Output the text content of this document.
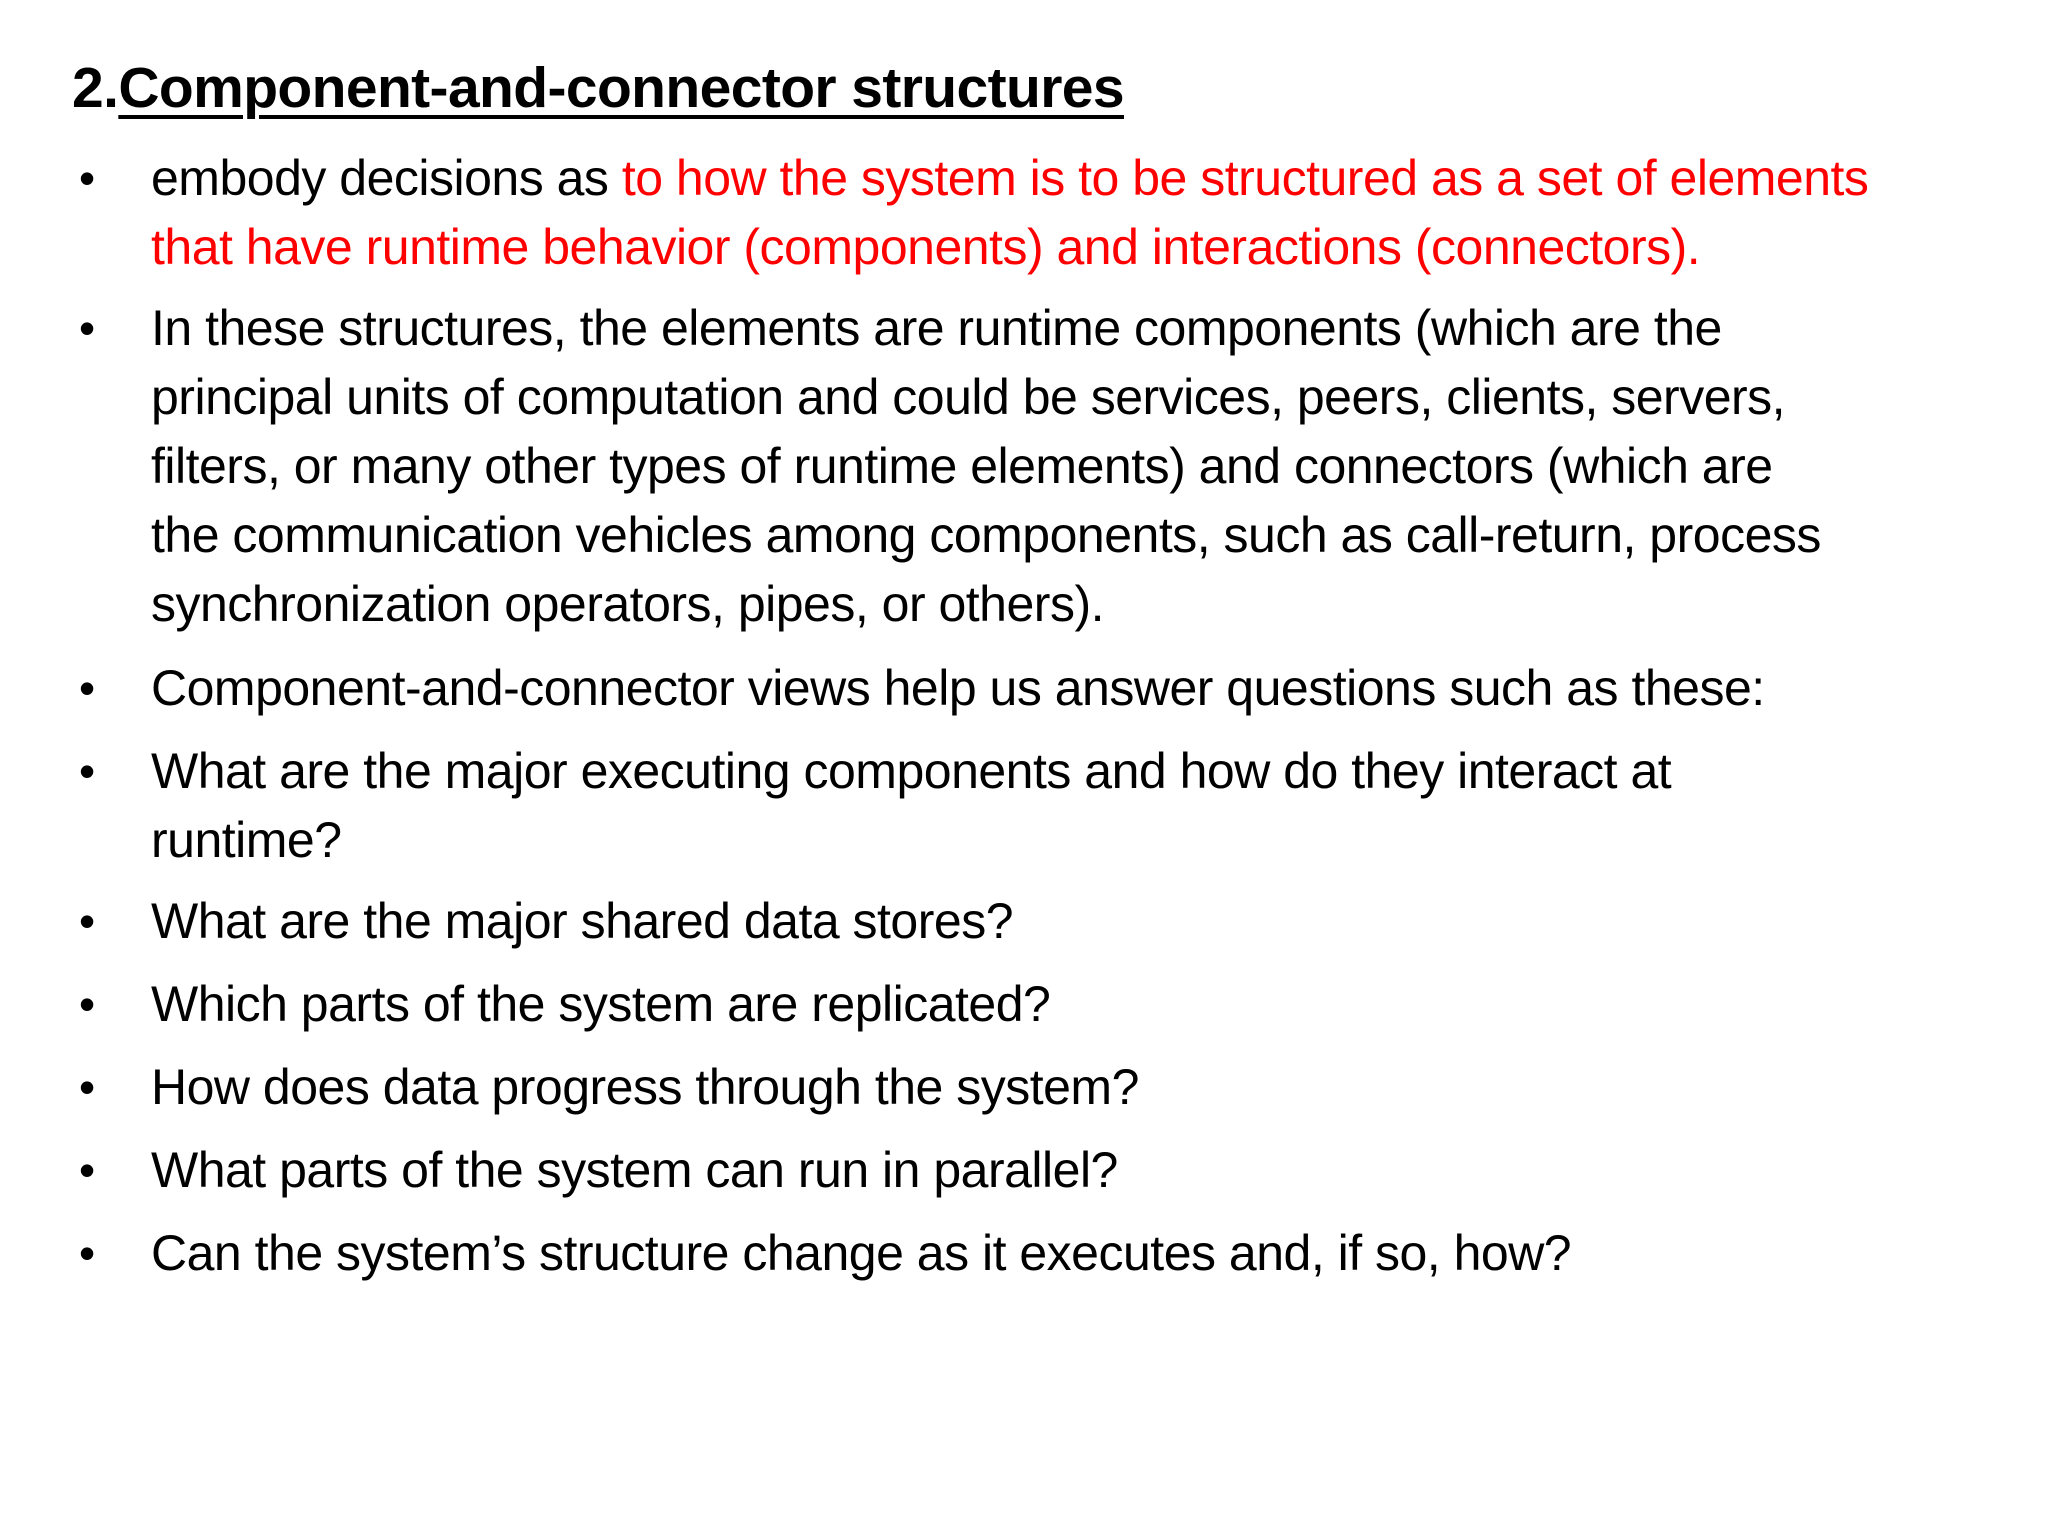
2.Component-and-connector structures
• embody decisions as to how the system is to be structured as a set of elements
that have runtime behavior (components) and interactions (connectors).
• In these structures, the elements are runtime components (which are the
principal units of computation and could be services, peers, clients, servers,
filters, or many other types of runtime elements) and connectors (which are
the communication vehicles among components, such as call-return, process
synchronization operators, pipes, or others).
• Component-and-connector views help us answer questions such as these:
• What are the major executing components and how do they interact at
runtime?
• What are the major shared data stores?
• Which parts of the system are replicated?
• How does data progress through the system?
• What parts of the system can run in parallel?
• Can the system’s structure change as it executes and, if so, how?
